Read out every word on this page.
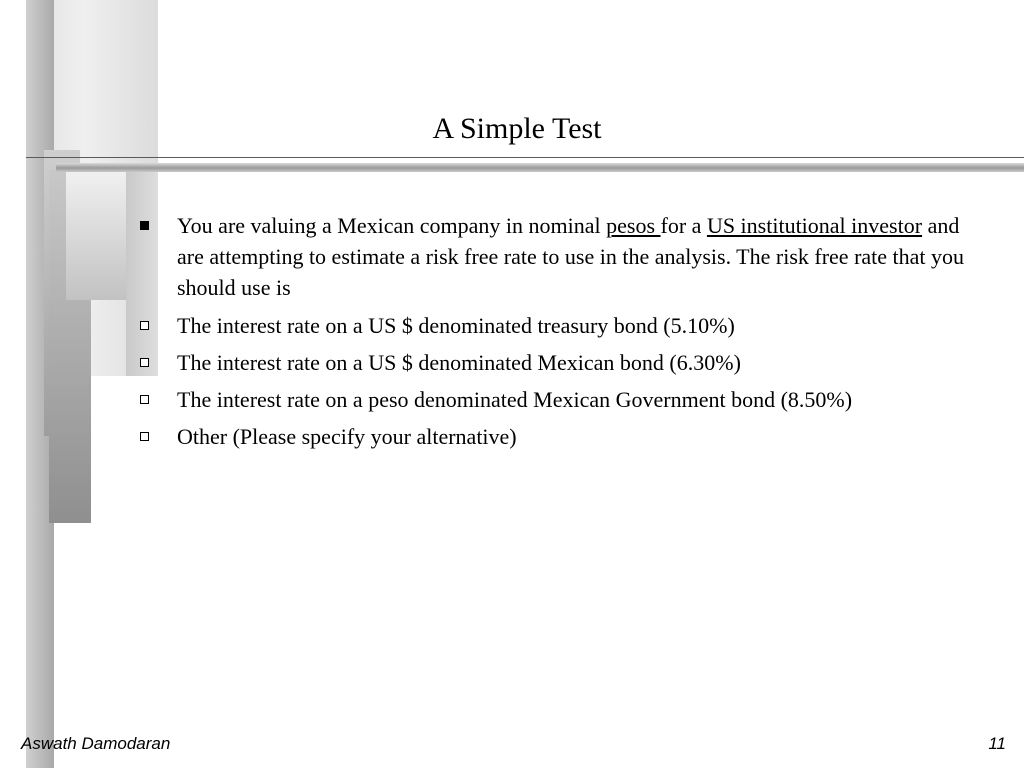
A Simple Test
You are valuing a Mexican company in nominal pesos for a US institutional investor and are attempting to estimate a risk free rate to use in the analysis. The risk free rate that you should use is
The interest rate on a US $ denominated treasury bond (5.10%)
The interest rate on a US $ denominated Mexican bond (6.30%)
The interest rate on a peso denominated Mexican Government bond (8.50%)
Other (Please specify your alternative)
Aswath Damodaran	11
